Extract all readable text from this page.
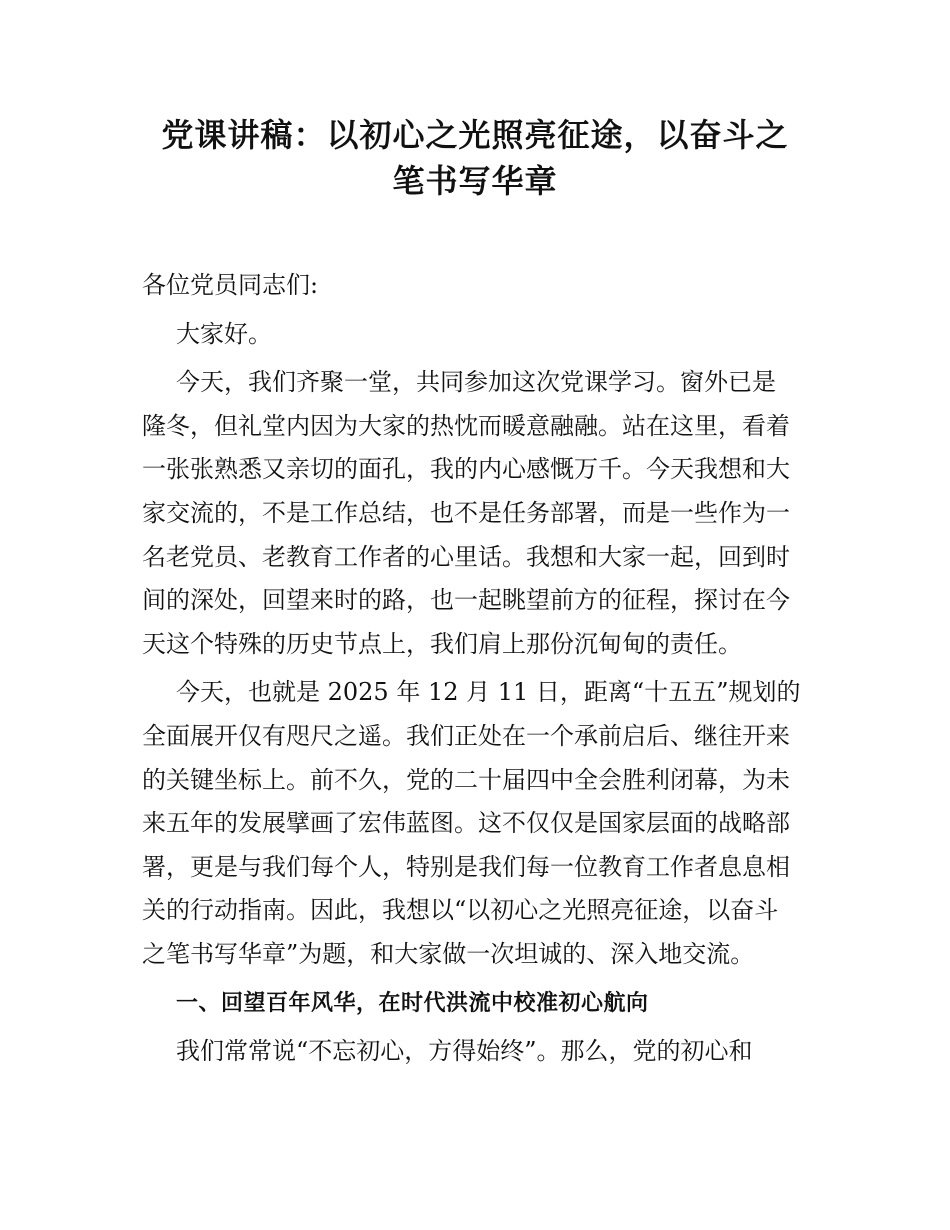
党课讲稿：以初心之光照亮征途，以奋斗之
笔书写华章

各位党员同志们:

大家好。

今天，我们齐聚一堂，共同参加这次党课学习。窗外已是
隆冬，但礼堂内因为大家的热忱而暖意融融。站在这里，看着
一张张熟悉又亲切的面孔，我的内心感慨万千。今天我想和大
家交流的，不是工作总结，也不是任务部署，而是一些作为一
名老党员、老教育工作者的心里话。我想和大家一起，回到时
间的深处，回望来时的路，也一起眺望前方的征程，探讨在今
天这个特殊的历史节点上，我们肩上那份沉甸甸的责任。

今天，也就是 2025 年 12 月 11 日，距离“十五五”规划的
全面展开仅有咫尺之遥。我们正处在一个承前启后、继往开来
的关键坐标上。前不久，党的二十届四中全会胜利闭幕，为未
来五年的发展擘画了宏伟蓝图。这不仅仅是国家层面的战略部
署，更是与我们每个人，特别是我们每一位教育工作者息息相
关的行动指南。因此，我想以“以初心之光照亮征途，以奋斗
之笔书写华章”为题，和大家做一次坦诚的、深入地交流。

一、回望百年风华，在时代洪流中校准初心航向

我们常常说“不忘初心，方得始终”。那么，党的初心和
